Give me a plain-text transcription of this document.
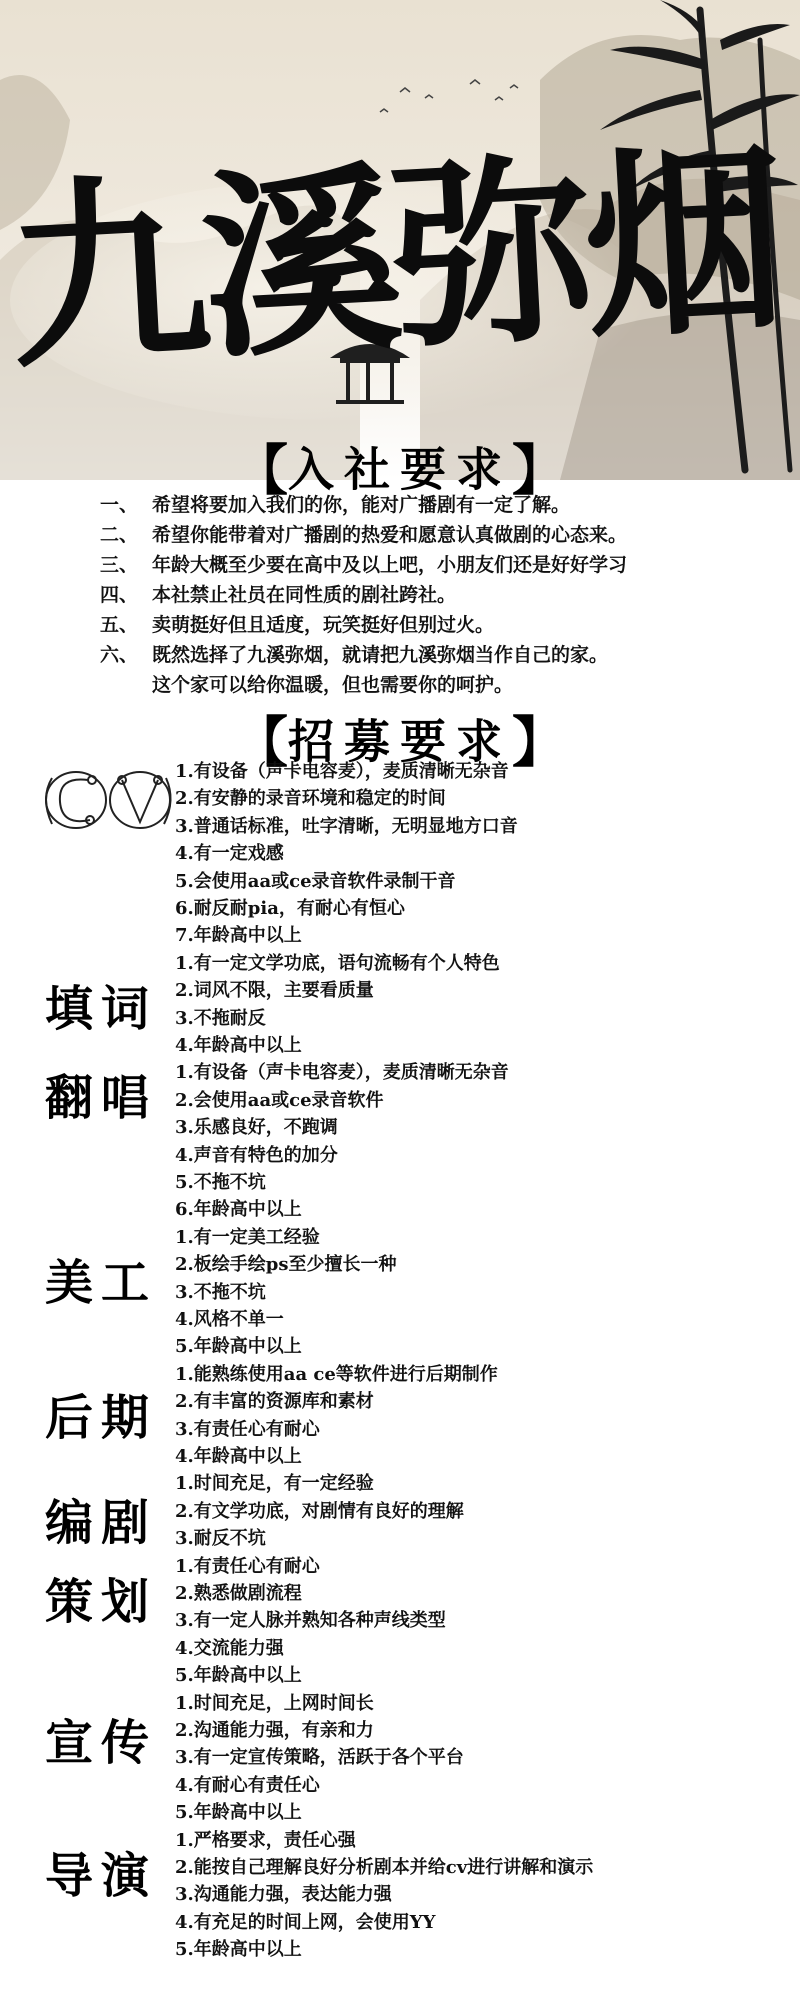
九溪弥烟
【入社要求】
一、 希望将要加入我们的你，能对广播剧有一定了解。
二、 希望你能带着对广播剧的热爱和愿意认真做剧的心态来。
三、 年龄大概至少要在高中及以上吧，小朋友们还是好好学习
四、 本社禁止社员在同性质的剧社跨社。
五、 卖萌挺好但且适度，玩笑挺好但别过火。
六、 既然选择了九溪弥烟，就请把九溪弥烟当作自己的家。
这个家可以给你温暖，但也需要你的呵护。
【招募要求】
1.有设备（声卡电容麦），麦质清晰无杂音
2.有安静的录音环境和稳定的时间
3.普通话标准，吐字清晰，无明显地方口音
4.有一定戏感
5.会使用aa或ce录音软件录制干音
6.耐反耐pia，有耐心有恒心
7.年龄高中以上
填词
1.有一定文学功底，语句流畅有个人特色
2.词风不限，主要看质量
3.不拖耐反
4.年龄高中以上
翻唱 1.有设备（声卡电容麦），麦质清晰无杂音
2.会使用aa或ce录音软件
3.乐感良好，不跑调
4.声音有特色的加分
5.不拖不坑
6.年龄高中以上
美工
1.有一定美工经验
2.板绘手绘ps至少擅长一种
3.不拖不坑
4.风格不单一
5.年龄高中以上
后期
1.能熟练使用aa ce等软件进行后期制作
2.有丰富的资源库和素材
3.有责任心有耐心
4.年龄高中以上
编剧
1.时间充足，有一定经验
2.有文学功底，对剧情有良好的理解
3.耐反不坑
策划
1.有责任心有耐心
2.熟悉做剧流程
3.有一定人脉并熟知各种声线类型
4.交流能力强
5.年龄高中以上
宣传
1.时间充足，上网时间长
2.沟通能力强，有亲和力
3.有一定宣传策略，活跃于各个平台
4.有耐心有责任心
5.年龄高中以上
导演
1.严格要求，责任心强
2.能按自己理解良好分析剧本并给cv进行讲解和演示
3.沟通能力强，表达能力强
4.有充足的时间上网，会使用YY
5.年龄高中以上
